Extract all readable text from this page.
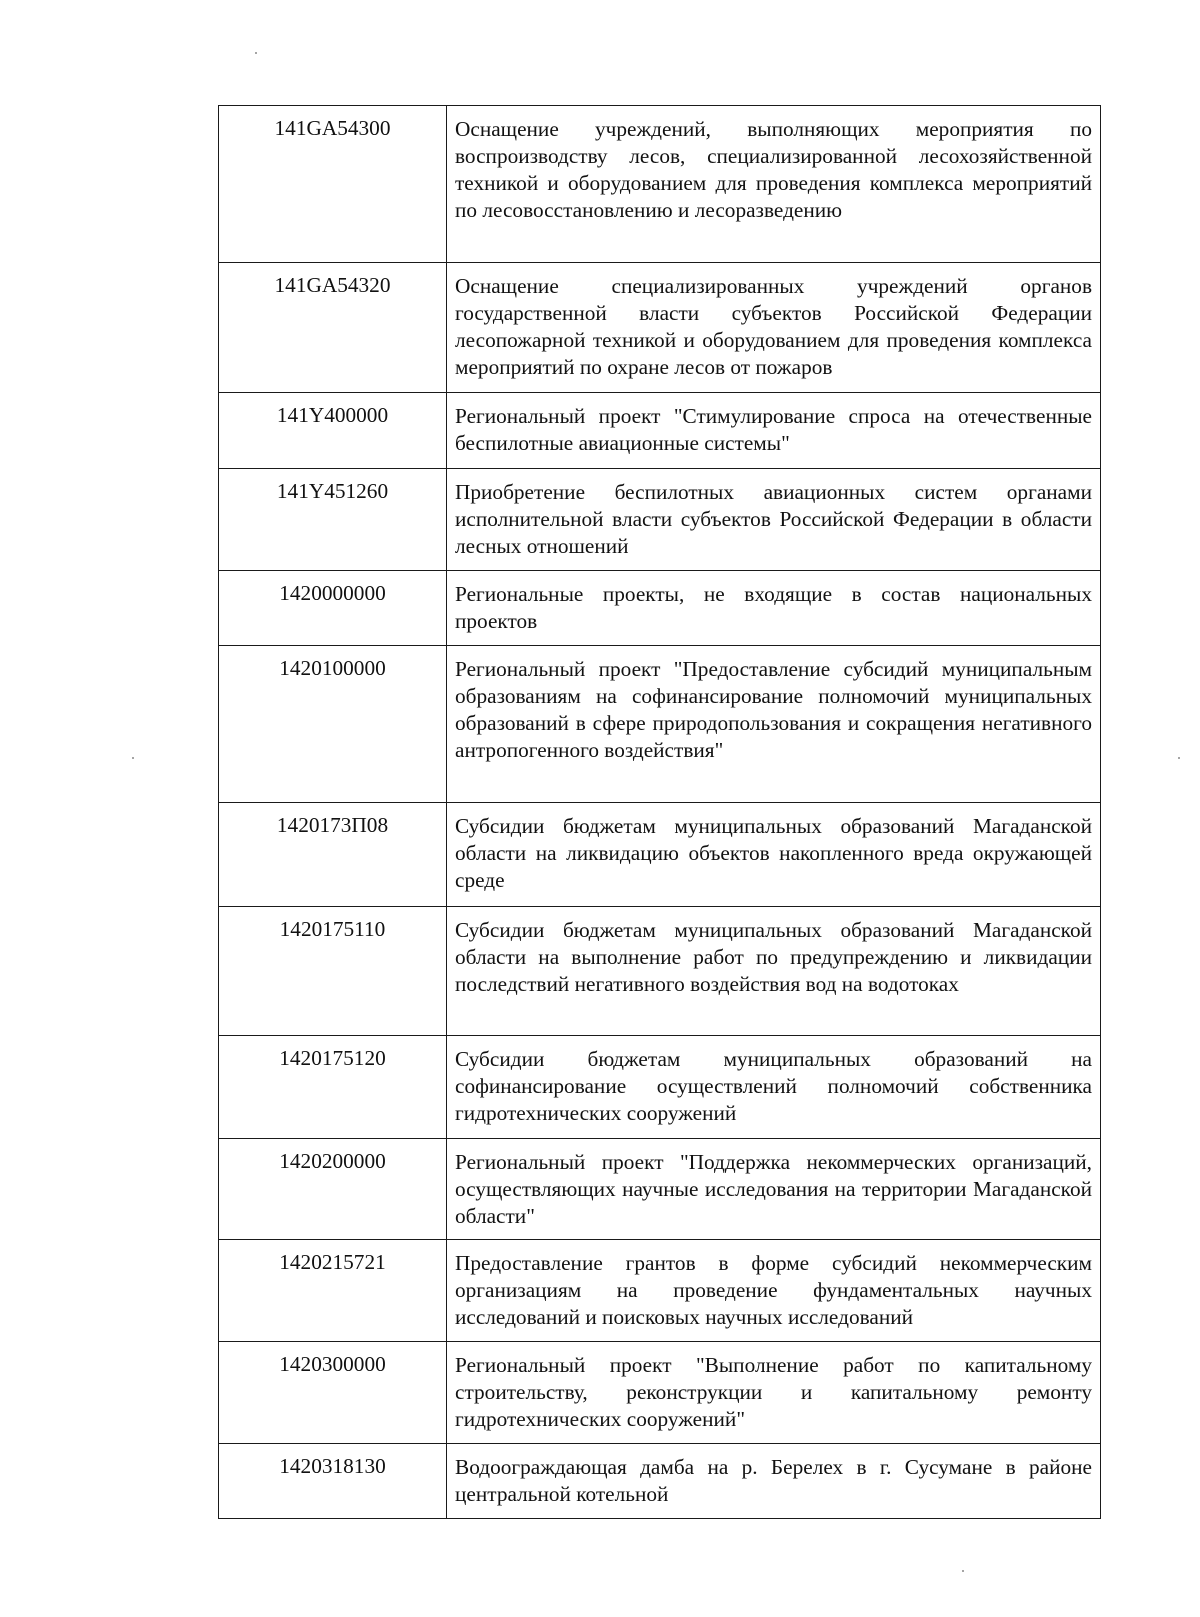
141GA54300	Оснащение учреждений, выполняющих мероприятия по воспроизводству лесов, специализированной лесохозяйственной техникой и оборудованием для проведения комплекса мероприятий по лесовосстановлению и лесоразведению
141GA54320	Оснащение специализированных учреждений органов государственной власти субъектов Российской Федерации лесопожарной техникой и оборудованием для проведения комплекса мероприятий по охране лесов от пожаров
141Y400000	Региональный проект "Стимулирование спроса на отечественные беспилотные авиационные системы"
141Y451260	Приобретение беспилотных авиационных систем органами исполнительной власти субъектов Российской Федерации в области лесных отношений
1420000000	Региональные проекты, не входящие в состав национальных проектов
1420100000	Региональный проект "Предоставление субсидий муниципальным образованиям на софинансирование полномочий муниципальных образований в сфере природопользования и сокращения негативного антропогенного воздействия"
1420173П08	Субсидии бюджетам муниципальных образований Магаданской области на ликвидацию объектов накопленного вреда окружающей среде
1420175110	Субсидии бюджетам муниципальных образований Магаданской области на выполнение работ по предупреждению и ликвидации последствий негативного воздействия вод на водотоках
1420175120	Субсидии бюджетам муниципальных образований на софинансирование осуществлений полномочий собственника гидротехнических сооружений
1420200000	Региональный проект "Поддержка некоммерческих организаций, осуществляющих научные исследования на территории Магаданской области"
1420215721	Предоставление грантов в форме субсидий некоммерческим организациям на проведение фундаментальных научных исследований и поисковых научных исследований
1420300000	Региональный проект "Выполнение работ по капитальному строительству, реконструкции и капитальному ремонту гидротехнических сооружений"
1420318130	Водоограждающая дамба на р. Берелех в г. Сусумане в районе центральной котельной
